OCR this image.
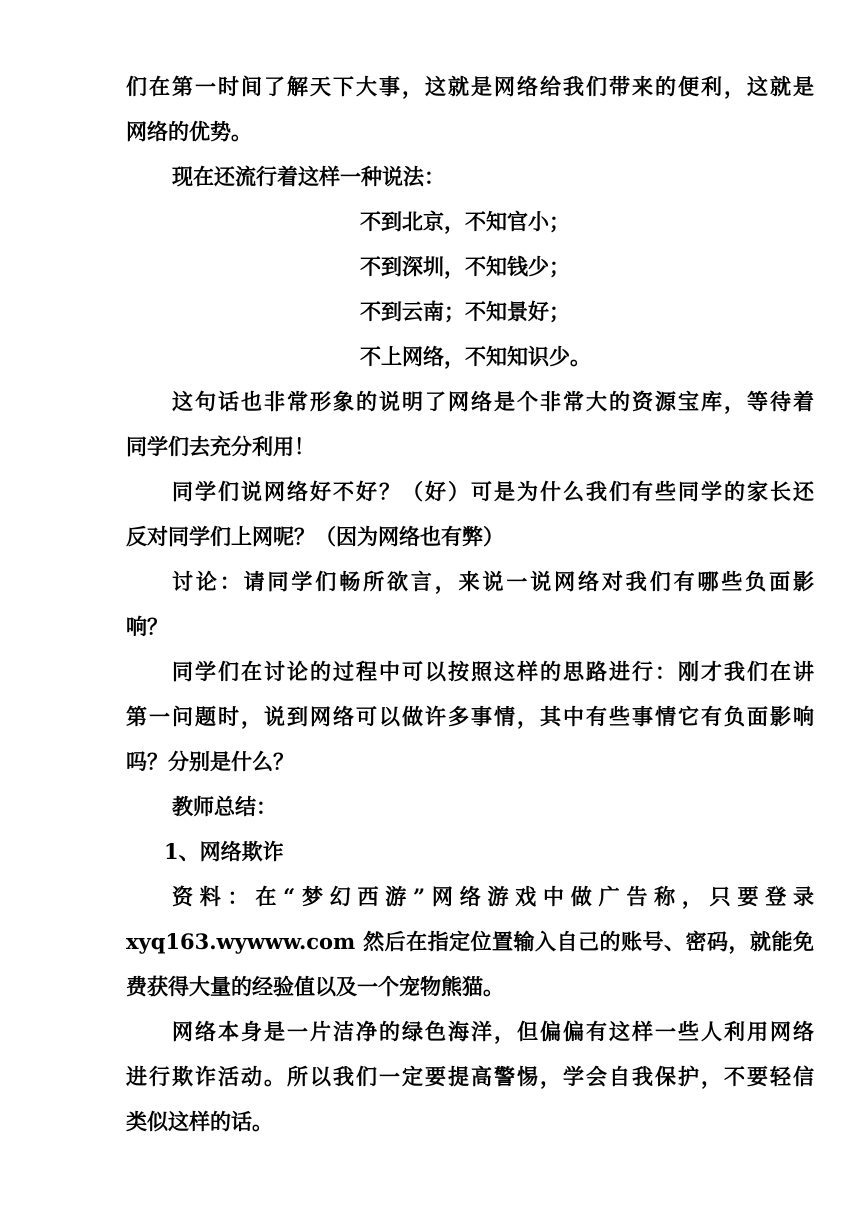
们在第一时间了解天下大事，这就是网络给我们带来的便利，这就是
网络的优势。
现在还流行着这样一种说法：
不到北京，不知官小；
不到深圳，不知钱少；
不到云南；不知景好；
不上网络，不知知识少。
这句话也非常形象的说明了网络是个非常大的资源宝库，等待着
同学们去充分利用！
同学们说网络好不好？（好）可是为什么我们有些同学的家长还
反对同学们上网呢？（因为网络也有弊）
讨论：请同学们畅所欲言，来说一说网络对我们有哪些负面影
响？
同学们在讨论的过程中可以按照这样的思路进行：刚才我们在讲
第一问题时，说到网络可以做许多事情，其中有些事情它有负面影响
吗？分别是什么？
教师总结：
1、网络欺诈
资料：在“梦幻西游”网络游戏中做广告称，只要登录
xyq163.wywww.com 然后在指定位置输入自己的账号、密码，就能免
费获得大量的经验值以及一个宠物熊猫。
网络本身是一片洁净的绿色海洋，但偏偏有这样一些人利用网络
进行欺诈活动。所以我们一定要提高警惕，学会自我保护，不要轻信
类似这样的话。
